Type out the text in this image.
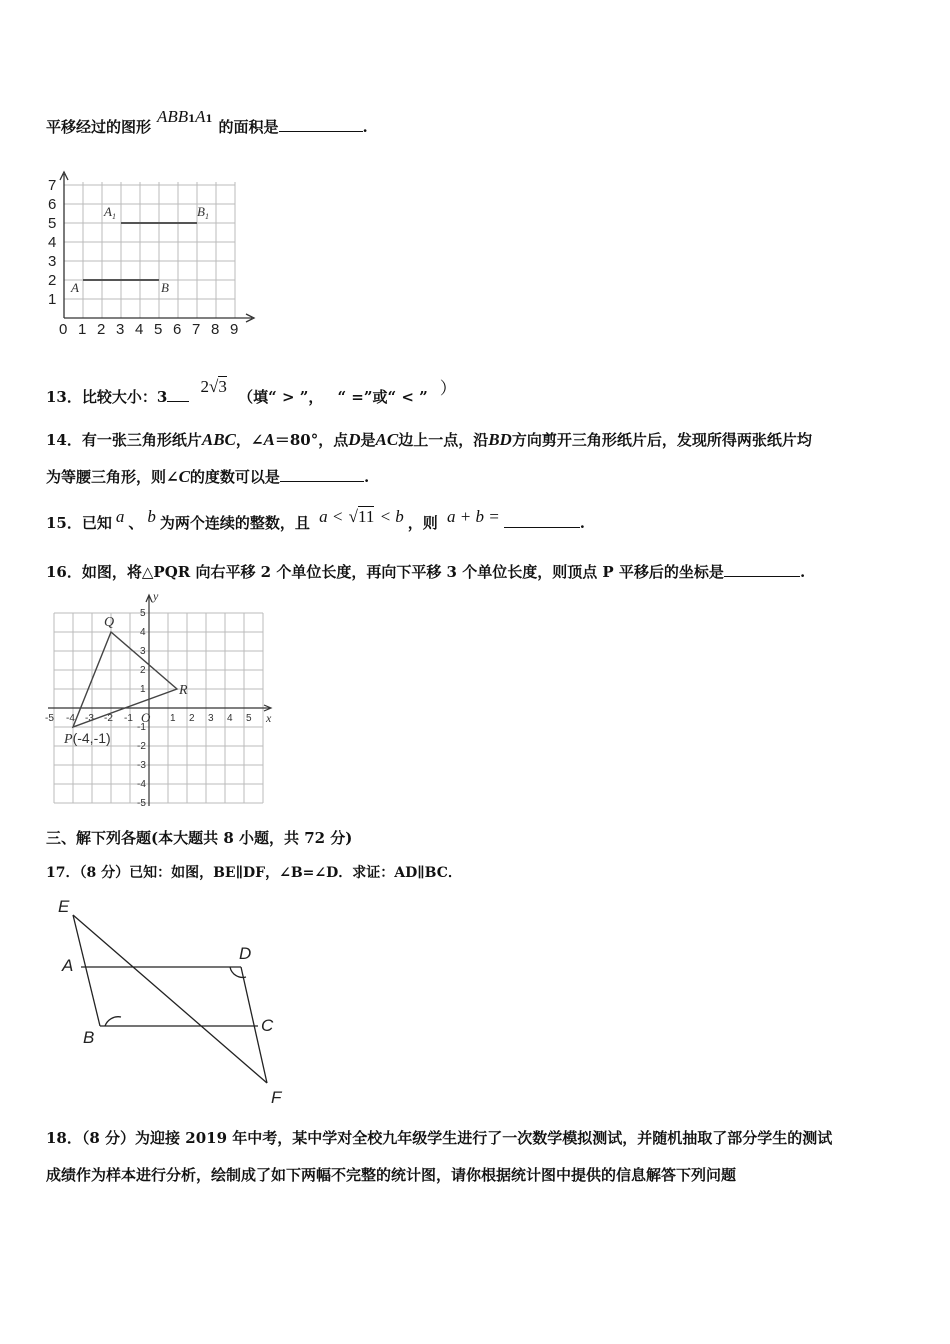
平移经过的图形ABB1A1 的面积是	.
1
2
3
4
5
6
7
0 1 2 3 4 5 6 7 8 9
A	B
$A_1$	$B_1$
13．比较大小：3 2√3 （填“ > ”， “ =”或“ < ” ）
14．有一张三角形纸片ABC，∠A＝80°，点D是AC边上一点，沿BD方向剪开三角形纸片后，发现所得两张纸片均
为等腰三角形，则∠C的度数可以是	.
15．已知 a 、 b 为两个连续的整数，且 a < √11 < b ，则 a + b =	.
16．如图，将△PQR 向右平移 2 个单位长度，再向下平移 3 个单位长度，则顶点 P 平移后的坐标是	.
-5 -4 -3 -2 -1	1 2 3 4 5
5
4
3
2
1
-1
-2
-3
-4
-5
x
y
O
Q
R
P(-4,-1)
三、解下列各题(本大题共 8 小题，共 72 分)
17．（8 分）已知：如图，BE∥DF，∠B=∠D．求证：AD∥BC．
E
A
D
B
C
F
18．（8 分）为迎接 2019 年中考，某中学对全校九年级学生进行了一次数学模拟测试，并随机抽取了部分学生的测试
成绩作为样本进行分析，绘制成了如下两幅不完整的统计图，请你根据统计图中提供的信息解答下列问题
